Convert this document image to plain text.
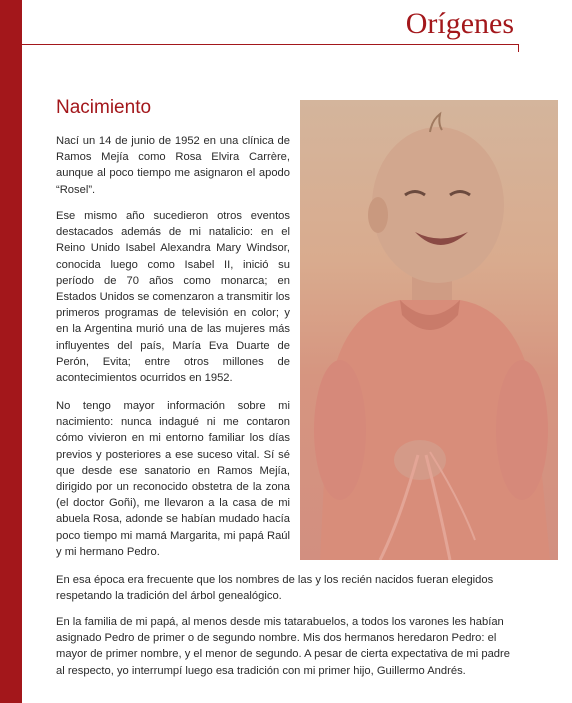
Orígenes
Nacimiento
Nací un 14 de junio de 1952 en una clínica de Ramos Mejía como Rosa Elvira Carrère, aunque al poco tiempo me asignaron el apodo “Rosel”.
Ese mismo año sucedieron otros eventos destacados además de mi natalicio: en el Reino Unido Isabel Alexandra Mary Windsor, conocida luego como Isabel II, inició su período de 70 años como monarca; en Estados Unidos se comenzaron a transmitir los primeros programas de televisión en color; y en la Argentina murió una de las mujeres más influyentes del país, María Eva Duarte de Perón, Evita; entre otros millones de acontecimientos ocurridos en 1952.
No tengo mayor información sobre mi nacimiento: nunca indagué ni me contaron cómo vivieron en mi entorno familiar los días previos y posteriores a ese suceso vital. Sí sé que desde ese sanatorio en Ramos Mejía, dirigido por un reconocido obstetra de la zona (el doctor Goñi), me llevaron a la casa de mi abuela Rosa, adonde se habían mudado hacía poco tiempo mi mamá Margarita, mi papá Raúl y mi hermano Pedro.
En esa época era frecuente que los nombres de las y los recién nacidos fueran elegidos respetando la tradición del árbol genealógico.
En la familia de mi papá, al menos desde mis tatarabuelos, a todos los varones les habían asignado Pedro de primer o de segundo nombre. Mis dos hermanos heredaron Pedro: el mayor de primer nombre, y el menor de segundo. A pesar de cierta expectativa de mi padre al respecto, yo interrumpí luego esa tradición con mi primer hijo, Guillermo Andrés.
